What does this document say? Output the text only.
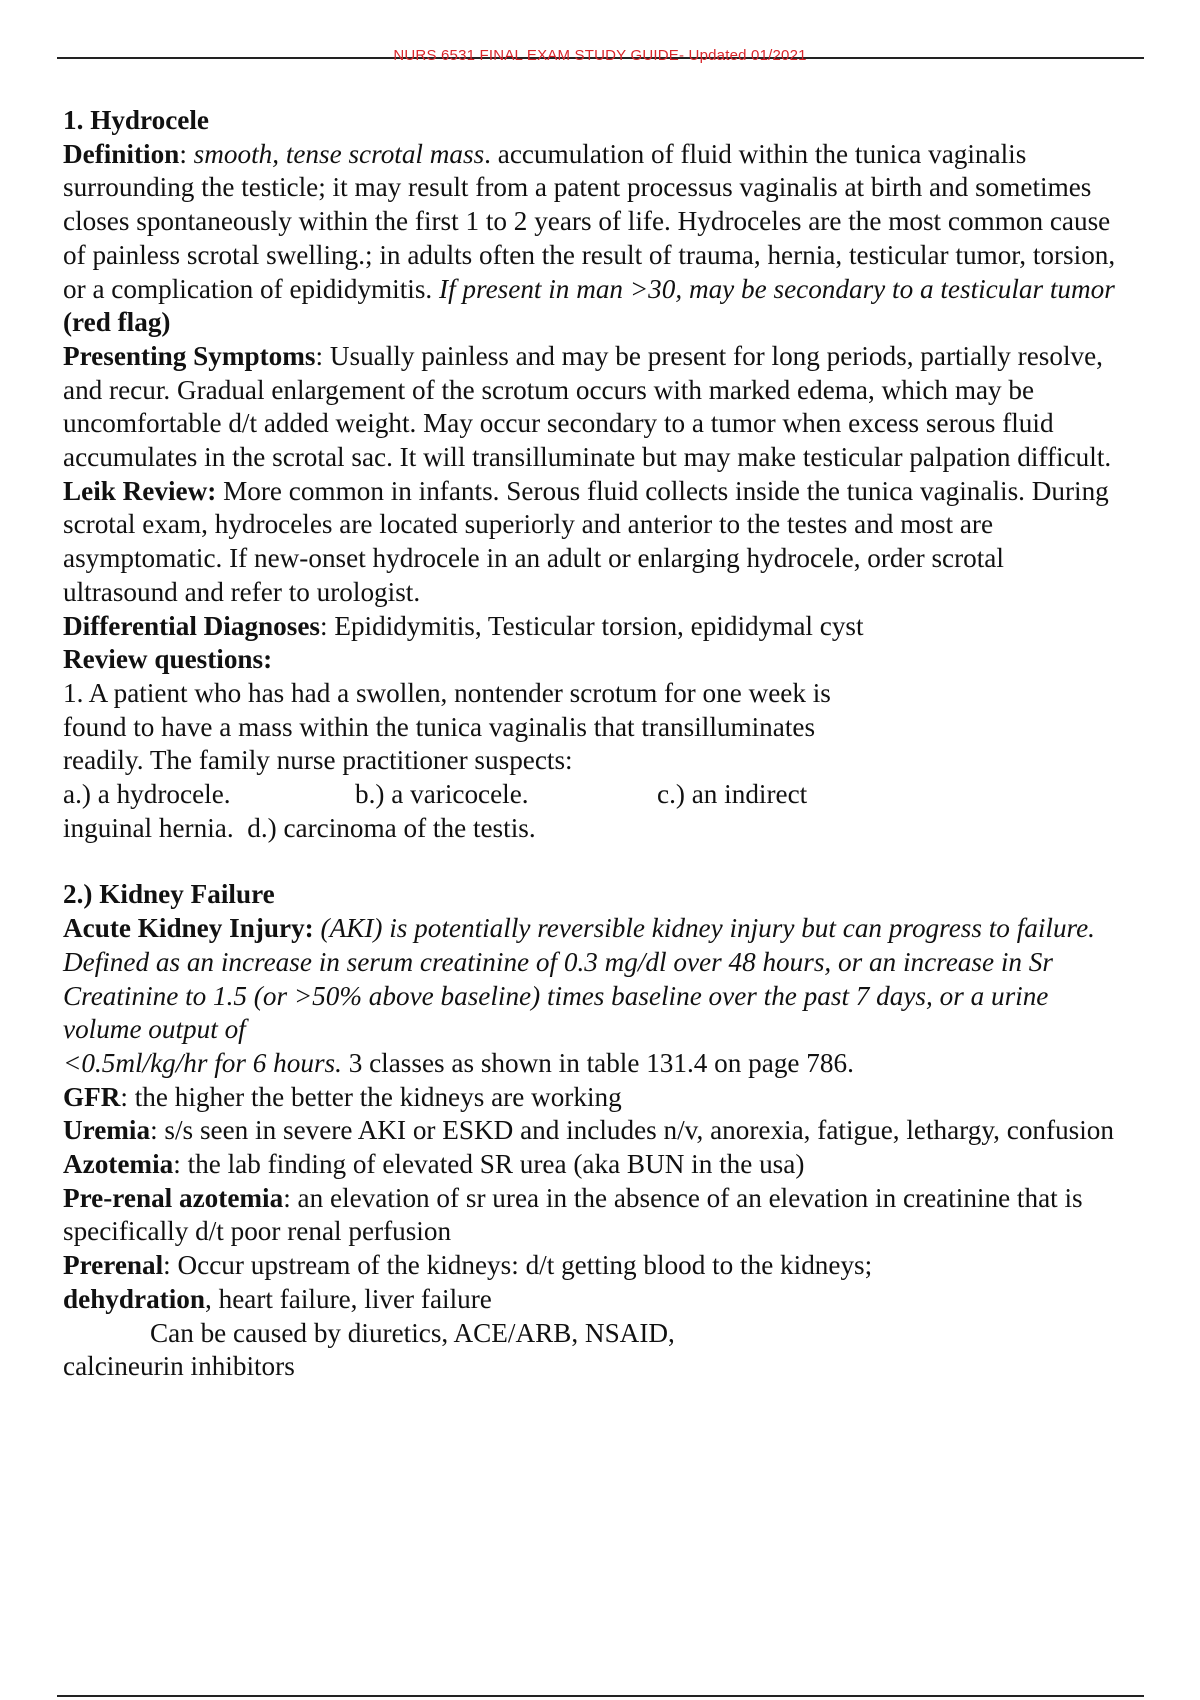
NURS 6531 FINAL EXAM STUDY GUIDE- Updated 01/2021

1. Hydrocele

Definition: smooth, tense scrotal mass. accumulation of fluid within the tunica vaginalis surrounding the testicle; it may result from a patent processus vaginalis at birth and sometimes closes spontaneously within the first 1 to 2 years of life. Hydroceles are the most common cause of painless scrotal swelling.; in adults often the result of trauma, hernia, testicular tumor, torsion, or a complication of epididymitis. If present in man >30, may be secondary to a testicular tumor (red flag)

Presenting Symptoms: Usually painless and may be present for long periods, partially resolve, and recur. Gradual enlargement of the scrotum occurs with marked edema, which may be uncomfortable d/t added weight. May occur secondary to a tumor when excess serous fluid accumulates in the scrotal sac. It will transilluminate but may make testicular palpation difficult.

Leik Review: More common in infants. Serous fluid collects inside the tunica vaginalis. During scrotal exam, hydroceles are located superiorly and anterior to the testes and most are asymptomatic. If new-onset hydrocele in an adult or enlarging hydrocele, order scrotal ultrasound and refer to urologist.

Differential Diagnoses: Epididymitis, Testicular torsion, epididymal cyst

Review questions:

1. A patient who has had a swollen, nontender scrotum for one week is
found to have a mass within the tunica vaginalis that transilluminates
readily. The family nurse practitioner suspects:

a.) a hydrocele.	b.) a varicocele.	c.) an indirect

inguinal hernia. d.) carcinoma of the testis.

2.) Kidney Failure

Acute Kidney Injury: (AKI) is potentially reversible kidney injury but can progress to failure. Defined as an increase in serum creatinine of 0.3 mg/dl over 48 hours, or an increase in Sr Creatinine to 1.5 (or >50% above baseline) times baseline over the past 7 days, or a urine volume output of
<0.5ml/kg/hr for 6 hours. 3 classes as shown in table 131.4 on page 786.

GFR: the higher the better the kidneys are working

Uremia: s/s seen in severe AKI or ESKD and includes n/v, anorexia, fatigue, lethargy, confusion

Azotemia: the lab finding of elevated SR urea (aka BUN in the usa)

Pre-renal azotemia: an elevation of sr urea in the absence of an elevation in creatinine that is specifically d/t poor renal perfusion

Prerenal: Occur upstream of the kidneys: d/t getting blood to the kidneys;
dehydration, heart failure, liver failure

Can be caused by diuretics, ACE/ARB, NSAID,

calcineurin inhibitors
